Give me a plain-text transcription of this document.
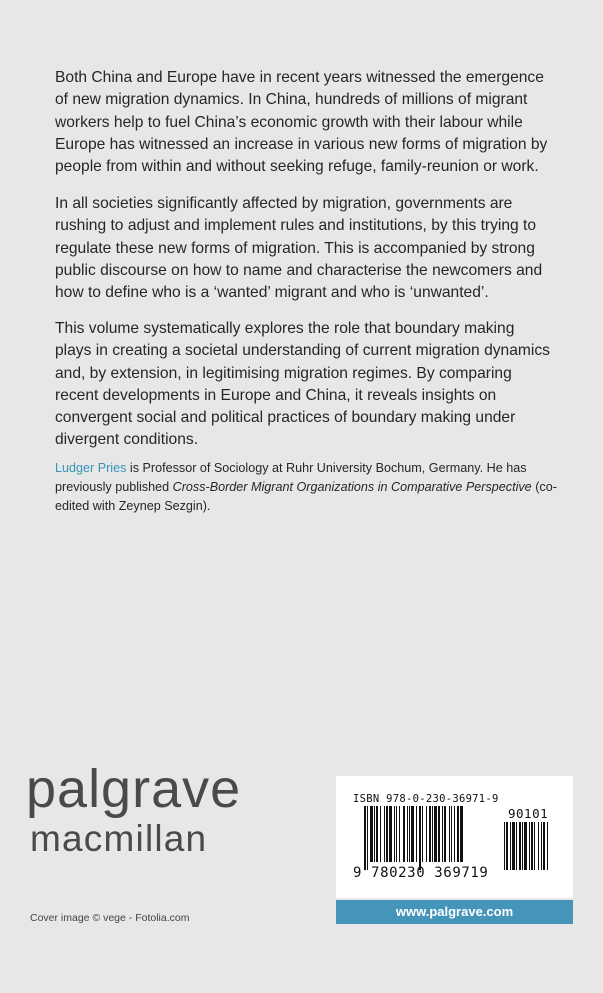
Both China and Europe have in recent years witnessed the emergence of new migration dynamics. In China, hundreds of millions of migrant workers help to fuel China’s economic growth with their labour while Europe has witnessed an increase in various new forms of migration by people from within and without seeking refuge, family-reunion or work.

In all societies significantly affected by migration, governments are rushing to adjust and implement rules and institutions, by this trying to regulate these new forms of migration. This is accompanied by strong public discourse on how to name and characterise the newcomers and how to define who is a ‘wanted’ migrant and who is ‘unwanted’.

This volume systematically explores the role that boundary making plays in creating a societal understanding of current migration dynamics and, by extension, in legitimising migration regimes. By comparing recent developments in Europe and China, it reveals insights on convergent social and political practices of boundary making under divergent conditions.

Ludger Pries is Professor of Sociology at Ruhr University Bochum, Germany. He has previously published Cross-Border Migrant Organizations in Comparative Perspective (co-edited with Zeynep Sezgin).

palgrave
macmillan
Cover image © vege - Fotolia.com
ISBN 978-0-230-36971-9
90101
9 780230 369719
www.palgrave.com
